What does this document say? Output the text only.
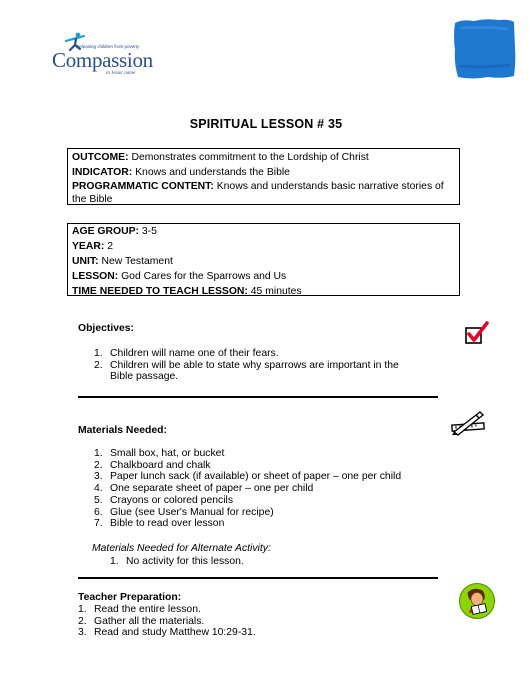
Releasing children from poverty
Compassion
in Jesus' name
SPIRITUAL LESSON # 35
OUTCOME: Demonstrates commitment to the Lordship of Christ
INDICATOR: Knows and understands the Bible
PROGRAMMATIC CONTENT: Knows and understands basic narrative stories of the Bible
AGE GROUP: 3-5
YEAR: 2
UNIT: New Testament
LESSON: God Cares for the Sparrows and Us
TIME NEEDED TO TEACH LESSON: 45 minutes
Objectives:
1. Children will name one of their fears.
2. Children will be able to state why sparrows are important in the Bible passage.
Materials Needed:
1. Small box, hat, or bucket
2. Chalkboard and chalk
3. Paper lunch sack (if available) or sheet of paper – one per child
4. One separate sheet of paper – one per child
5. Crayons or colored pencils
6. Glue (see User's Manual for recipe)
7. Bible to read over lesson
Materials Needed for Alternate Activity:
1. No activity for this lesson.
Teacher Preparation:
1. Read the entire lesson.
2. Gather all the materials.
3. Read and study Matthew 10:29-31.
